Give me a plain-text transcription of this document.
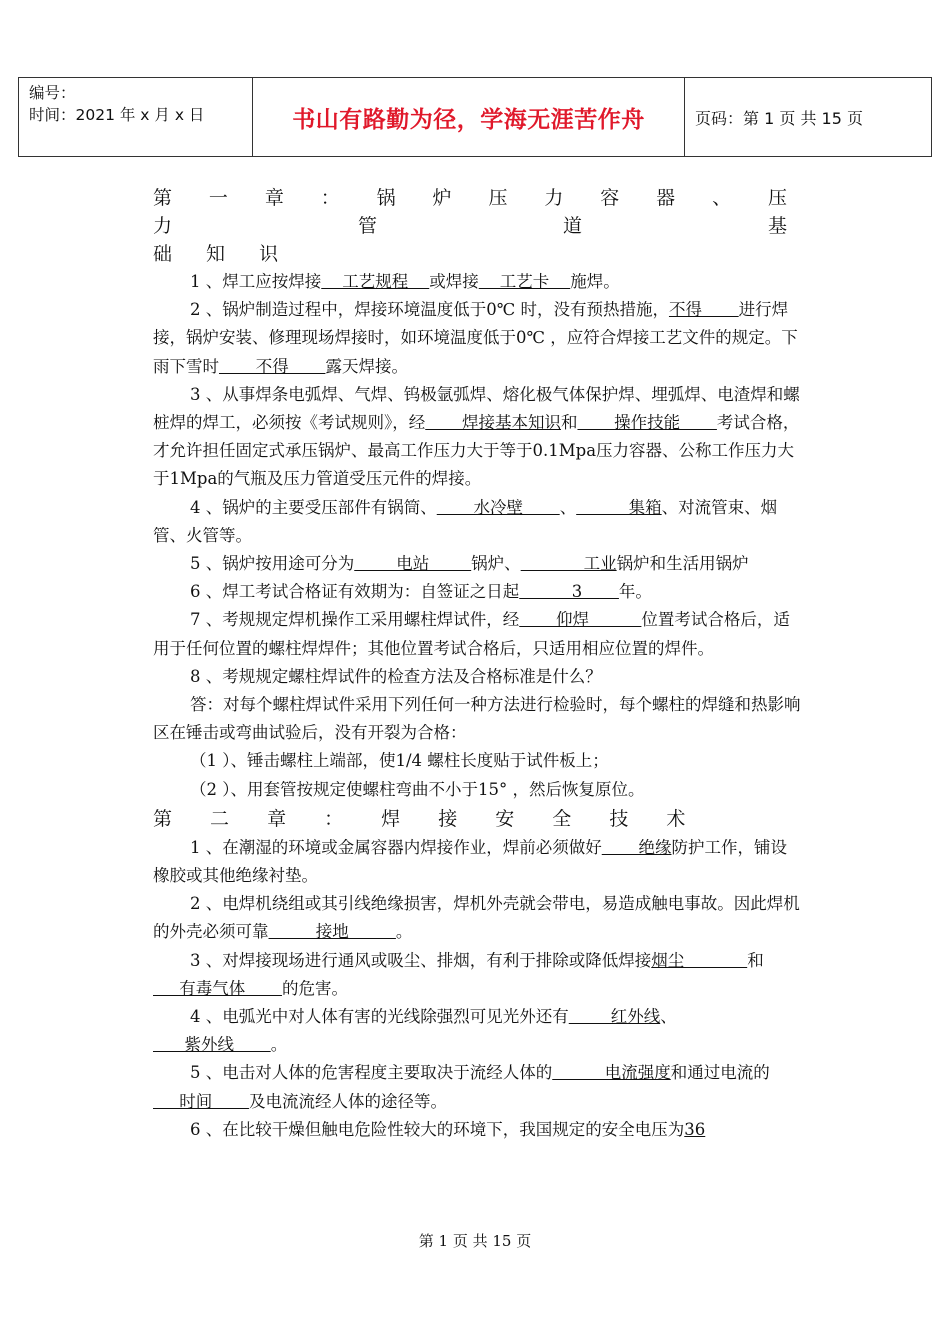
编号：
时间：2021 年 x 月 x 日	书山有路勤为径，学海无涯苦作舟	页码：第 1 页 共 15 页

第 一 章 ： 锅 炉 压 力 容 器 、 压 力 管 道 基

础 知 识

1 、焊工应按焊接    工艺规程    或焊接    工艺卡    施焊。

2 、锅炉制造过程中，焊接环境温度低于0℃ 时，没有预热措施，不得       进行焊接，锅炉安装、修理现场焊接时，如环境温度低于0℃ ，应符合焊接工艺文件的规定。下雨下雪时       不得       露天焊接。

3 、从事焊条电弧焊、气焊、钨极氩弧焊、熔化极气体保护焊、埋弧焊、电渣焊和螺桩焊的焊工，必须按《考试规则》，经       焊接基本知识和       操作技能       考试合格，才允许担任固定式承压锅炉、最高工作压力大于等于0.1Mpa压力容器、公称工作压力大于1Mpa的气瓶及压力管道受压元件的焊接。

4 、锅炉的主要受压部件有锅筒、       水冷壁       、          集箱、对流管束、烟管、火管等。

5 、锅炉按用途可分为        电站        锅炉、            工业锅炉和生活用锅炉

6 、焊工考试合格证有效期为：自签证之日起          3       年。

7 、考规规定焊机操作工采用螺柱焊试件，经       仰焊          位置考试合格后，适用于任何位置的螺柱焊焊件；其他位置考试合格后，只适用相应位置的焊件。

8 、考规规定螺柱焊试件的检查方法及合格标准是什么？

答：对每个螺柱焊试件采用下列任何一种方法进行检验时，每个螺柱的焊缝和热影响区在锤击或弯曲试验后，没有开裂为合格：

（1 ）、锤击螺柱上端部，使1/4 螺柱长度贴于试件板上；

（2 ）、用套管按规定使螺柱弯曲不小于15° ，然后恢复原位。

第 二 章 ： 焊 接 安 全 技 术

1 、在潮湿的环境或金属容器内焊接作业，焊前必须做好       绝缘防护工作，铺设橡胶或其他绝缘衬垫。

2 、电焊机绕组或其引线绝缘损害，焊机外壳就会带电，易造成触电事故。因此焊机的外壳必须可靠         接地         。

3 、对焊接现场进行通风或吸尘、排烟，有利于排除或降低焊接烟尘            和     有毒气体       的危害。

4 、电弧光中对人体有害的光线除强烈可见光外还有        红外线、      紫外线       。

5 、电击对人体的危害程度主要取决于流经人体的          电流强度和通过电流的     时间       及电流流经人体的途径等。

6 、在比较干燥但触电危险性较大的环境下，我国规定的安全电压为36

第 1 页 共 15 页
